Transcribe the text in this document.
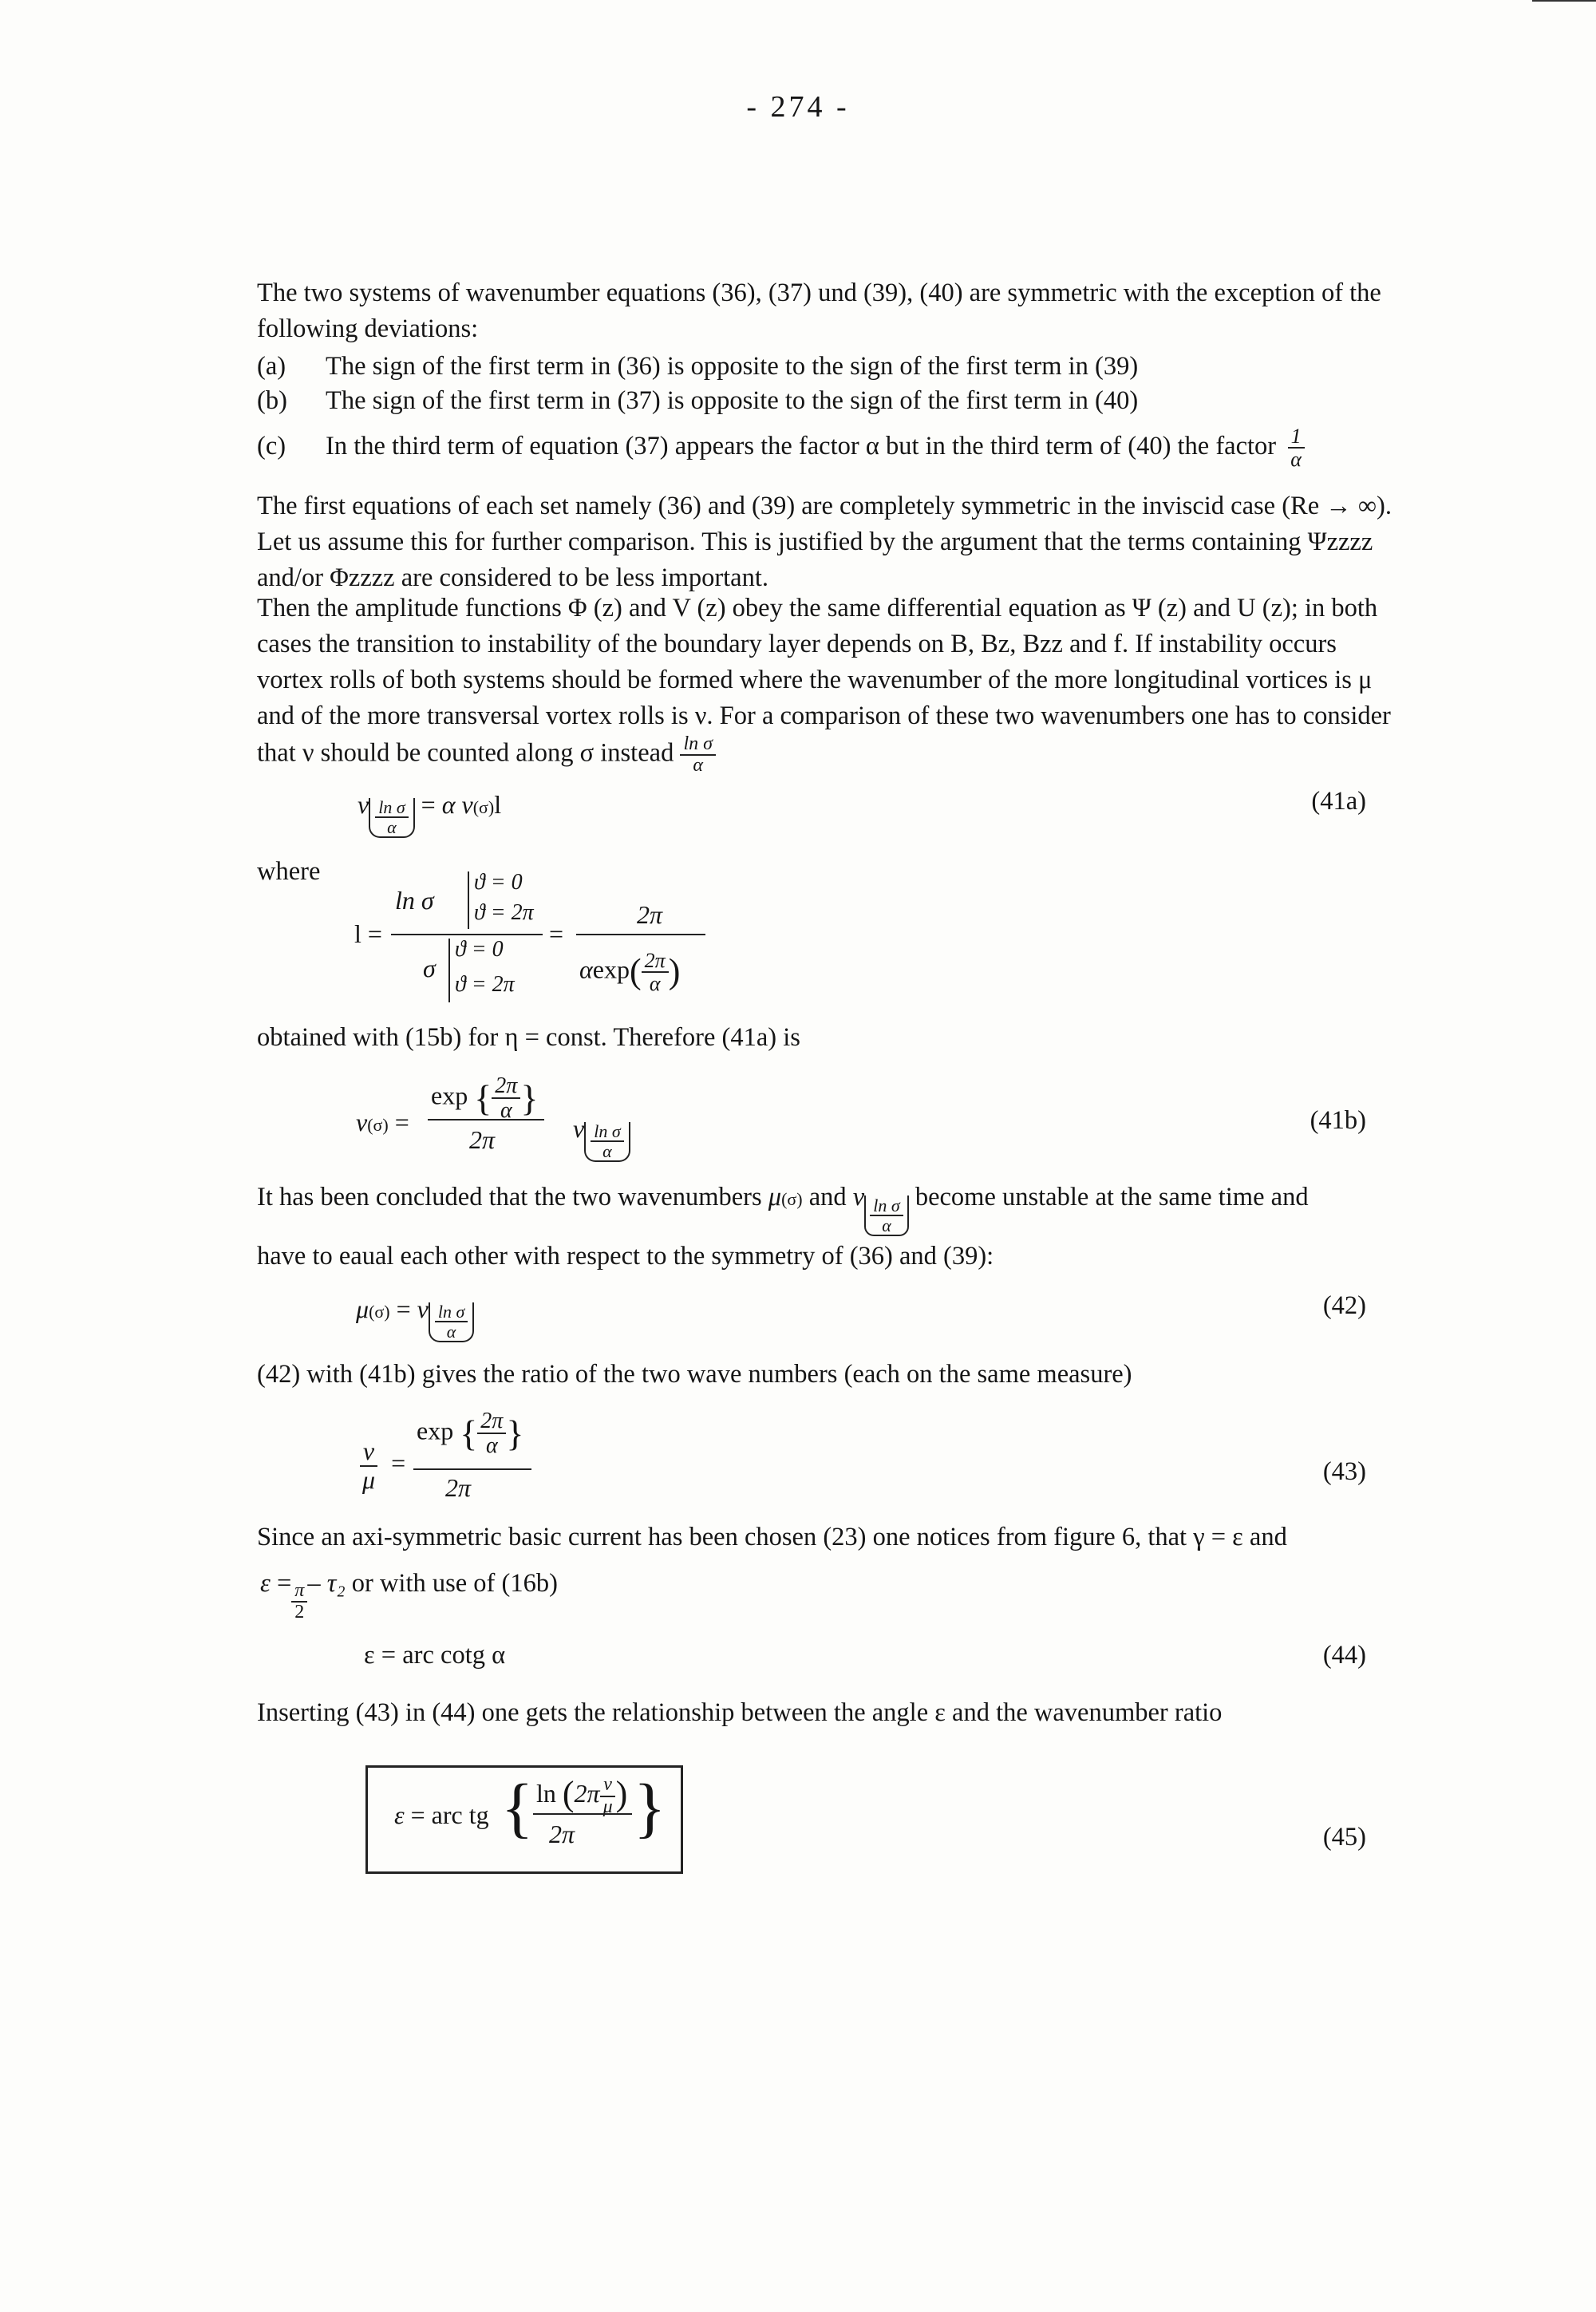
- 274 -
The two systems of wavenumber equations (36), (37) und (39), (40) are symmetric with the exception of the following deviations:
(a) The sign of the first term in (36) is opposite to the sign of the first term in (39)
(b) The sign of the first term in (37) is opposite to the sign of the first term in (40)
(c) In the third term of equation (37) appears the factor α but in the third term of (40) the factor $\frac{1}{\alpha}$
The first equations of each set namely (36) and (39) are completely symmetric in the inviscid case (Re → ∞). Let us assume this for further comparison. This is justified by the argument that the terms containing Ψzzzz and/or Φzzzz are considered to be less important.
Then the amplitude functions Φ (z) and V (z) obey the same differential equation as Ψ (z) and U (z); in both cases the transition to instability of the boundary layer depends on B, Bz, Bzz and f. If instability occurs vortex rolls of both systems should be formed where the wavenumber of the more longitudinal vortices is μ and of the more transversal vortex rolls is ν. For a comparison of these two wavenumbers one has to consider that ν should be counted along σ instead $\frac{\text{ln σ}}{\alpha}$
ν $\frac{\text{ln σ}}{\alpha} = \alpha$ ν(σ)l	(41a)
where
l =
ln σ
ϑ = 0
ϑ = 2π
σ
ϑ = 0
ϑ = 2π
=
2π
$\alpha\exp( \frac{2\pi}{\alpha}$ )
obtained with (15b) for η = const. Therefore (41a) is
ν(σ) =
exp { $\frac{2\pi}{\alpha}$ }
2π	ν $\frac{\text{ln σ}}{\alpha}$
(41b)
It has been concluded that the two wavenumbers μ(σ) and ν $\frac{\text{ln σ}}{\alpha}$ become unstable at the same time and
have to eaual each other with respect to the symmetry of (36) and (39):
μ(σ) = ν $\frac{\text{ln σ}}{\alpha}$	(42)
(42) with (41b) gives the ratio of the two wave numbers (each on the same measure)
$\frac{\nu}{\mu}$ =
exp { $\frac{2\pi}{\alpha}$ }
2π
(43)
Since an axi-symmetric basic current has been chosen (23) one notices from figure 6, that γ = ε and
$\varepsilon = \frac{\pi}{2} - \tau_2$ or with use of (16b)
ε = arc cotg α	(44)
Inserting (43) in (44) one gets the relationship between the angle ε and the wavenumber ratio
ε = arc tg { $\ln (2\pi \frac{\nu}{\mu}$ )
2π }	(45)
